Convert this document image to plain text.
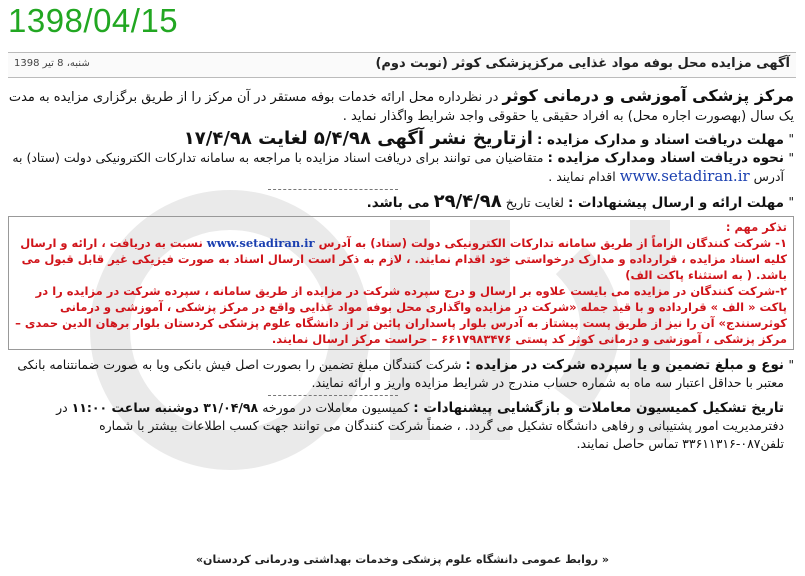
1398/04/15
آگهی مزایده محل بوفه مواد غذایی مرکزپزشکی کوثر (نوبت دوم)
شنبه، 8 تیر 1398

مرکز پزشکی آموزشی و درمانی کوثر در نظرداره محل ارائه خدمات بوفه مستقر در آن مرکز را از طریق برگزاری مزایده به مدت یک سال (بهصورت اجاره محل) به افراد حقیقی یا حقوقی واجد شرایط واگذار نماید .

"
مهلت دریافت اسناد و مدارک مزایده : ازتاریخ نشر آگهی ۵/۴/۹۸ لغایت ۱۷/۴/۹۸
"
نحوه دریافت اسناد ومدارک مزایده : متقاضیان می توانند برای دریافت اسناد مزایده با مراجعه به سامانه تدارکات الکترونیکی دولت (ستاد) به آدرس www.setadiran.ir اقدام نمایند .
"
مهلت ارائه و ارسال پیشنهادات : لغایت تاریخ ۲۹/۴/۹۸ می باشد.
تذکر مهم :
۱- شرکت کنندگان الزاماً از طریق سامانه تدارکات الکترونیکی دولت (ستاد) به آدرس www.setadiran.ir نسبت به دریافت ، ارائه و ارسال کلیه اسناد مزایده ، قرارداده و مدارک درخواستی خود اقدام نمایند. ، لازم به ذکر است ارسال اسناد به صورت فیزیکی غیر قابل قبول می باشد. ( به استثناء پاکت الف)
۲-شرکت کنندگان در مزایده می بایست علاوه بر ارسال و درج سپرده شرکت در مزایده از طریق سامانه ، سپرده شرکت در مزایده را در پاکت « الف » قرارداده و با قید جمله «شرکت در مزایده واگذاری محل بوفه مواد غذایی واقع در مرکز پزشکی ، آموزشی و درمانی کوثرسنندج» آن را نیز از طریق پست پیشتاز به آدرس بلوار پاسداران پائین تر از دانشگاه علوم پزشکی کردستان بلوار برهان الدین حمدی – مرکز پزشکی ، آموزشی و درمانی کوثر کد پستی ۶۶۱۷۹۸۳۴۷۶ – حراست مرکز ارسال نمایند.
"
نوع و مبلغ تضمین و یا سپرده شرکت در مزایده : شرکت کنندگان مبلغ تضمین را بصورت اصل فیش بانکی ویا به صورت ضمانتنامه بانکی معتبر با حداقل اعتبار سه ماه به شماره حساب مندرج در شرایط مزایده واریز و ارائه نمایند.
تاریخ تشکیل کمیسیون معاملات و بازگشایی پیشنهادات : کمیسیون معاملات در مورخه ۳۱/۰۴/۹۸ دوشنبه ساعت ۱۱:۰۰ در دفترمدیریت امور پشتیبانی و رفاهی دانشگاه تشکیل می گردد. ، ضمناً شرکت کنندگان می توانند جهت کسب اطلاعات بیشتر با شماره تلفن۰۸۷-۳۳۶۱۱۳۱۶ تماس حاصل نمایند.
« روابط عمومی دانشگاه علوم پزشکی وخدمات بهداشتی ودرمانی کردستان»
